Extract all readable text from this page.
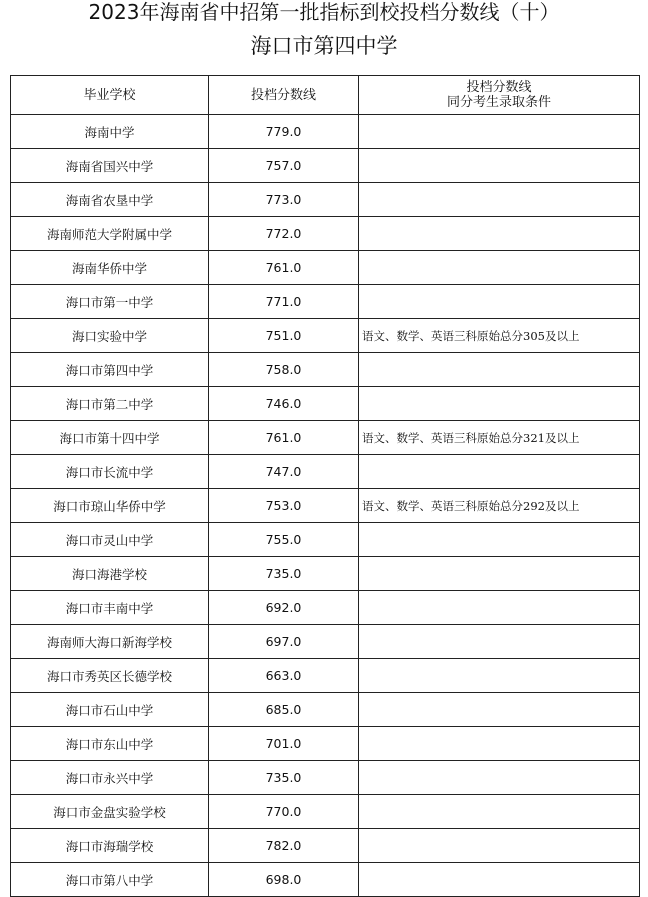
2023年海南省中招第一批指标到校投档分数线（十）
海口市第四中学
毕业学校	投档分数线	投档分数线
同分考生录取条件

海南中学	779.0	
海南省国兴中学	757.0	
海南省农垦中学	773.0	
海南师范大学附属中学	772.0	
海南华侨中学	761.0	
海口市第一中学	771.0	
海口实验中学	751.0	语文、数学、英语三科原始总分305及以上
海口市第四中学	758.0	
海口市第二中学	746.0	
海口市第十四中学	761.0	语文、数学、英语三科原始总分321及以上
海口市长流中学	747.0	
海口市琼山华侨中学	753.0	语文、数学、英语三科原始总分292及以上
海口市灵山中学	755.0	
海口海港学校	735.0	
海口市丰南中学	692.0	
海南师大海口新海学校	697.0	
海口市秀英区长德学校	663.0	
海口市石山中学	685.0	
海口市东山中学	701.0	
海口市永兴中学	735.0	
海口市金盘实验学校	770.0	
海口市海瑞学校	782.0	
海口市第八中学	698.0	
